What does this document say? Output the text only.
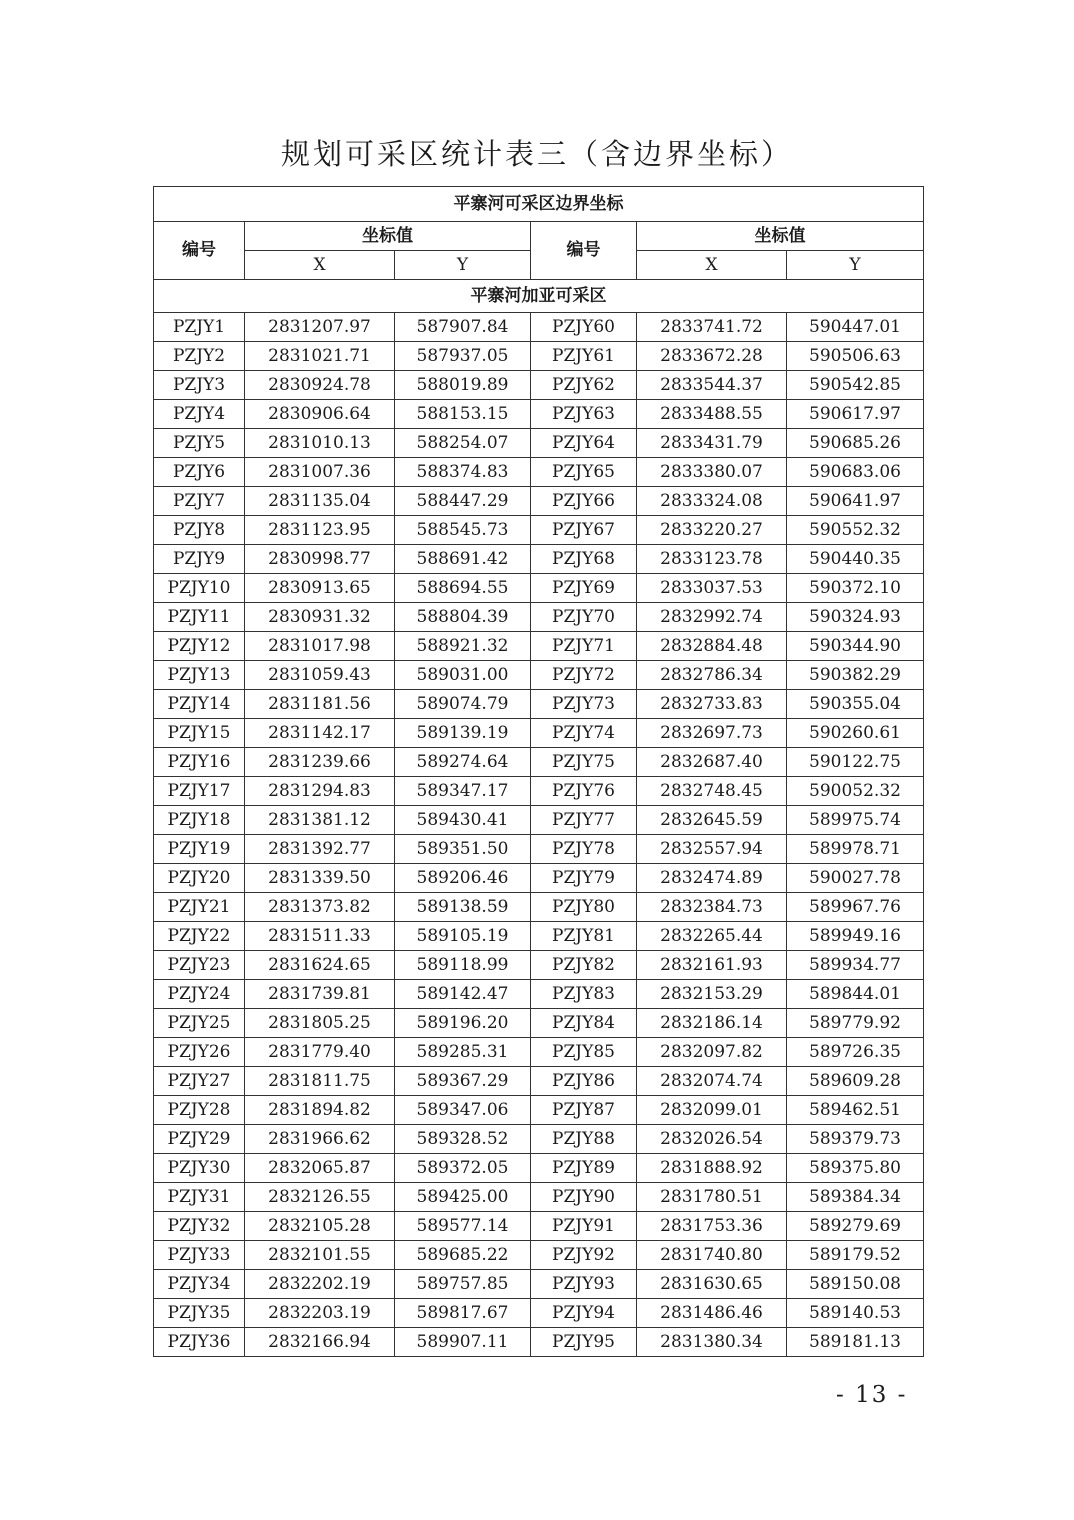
规划可采区统计表三（含边界坐标）
平寨河可采区边界坐标					
编号	坐标值		编号	坐标值	
	X	Y		X	Y
平寨河加亚可采区					
PZJY1	2831207.97	587907.84	PZJY60	2833741.72	590447.01
PZJY2	2831021.71	587937.05	PZJY61	2833672.28	590506.63
PZJY3	2830924.78	588019.89	PZJY62	2833544.37	590542.85
PZJY4	2830906.64	588153.15	PZJY63	2833488.55	590617.97
PZJY5	2831010.13	588254.07	PZJY64	2833431.79	590685.26
PZJY6	2831007.36	588374.83	PZJY65	2833380.07	590683.06
PZJY7	2831135.04	588447.29	PZJY66	2833324.08	590641.97
PZJY8	2831123.95	588545.73	PZJY67	2833220.27	590552.32
PZJY9	2830998.77	588691.42	PZJY68	2833123.78	590440.35
PZJY10	2830913.65	588694.55	PZJY69	2833037.53	590372.10
PZJY11	2830931.32	588804.39	PZJY70	2832992.74	590324.93
PZJY12	2831017.98	588921.32	PZJY71	2832884.48	590344.90
PZJY13	2831059.43	589031.00	PZJY72	2832786.34	590382.29
PZJY14	2831181.56	589074.79	PZJY73	2832733.83	590355.04
PZJY15	2831142.17	589139.19	PZJY74	2832697.73	590260.61
PZJY16	2831239.66	589274.64	PZJY75	2832687.40	590122.75
PZJY17	2831294.83	589347.17	PZJY76	2832748.45	590052.32
PZJY18	2831381.12	589430.41	PZJY77	2832645.59	589975.74
PZJY19	2831392.77	589351.50	PZJY78	2832557.94	589978.71
PZJY20	2831339.50	589206.46	PZJY79	2832474.89	590027.78
PZJY21	2831373.82	589138.59	PZJY80	2832384.73	589967.76
PZJY22	2831511.33	589105.19	PZJY81	2832265.44	589949.16
PZJY23	2831624.65	589118.99	PZJY82	2832161.93	589934.77
PZJY24	2831739.81	589142.47	PZJY83	2832153.29	589844.01
PZJY25	2831805.25	589196.20	PZJY84	2832186.14	589779.92
PZJY26	2831779.40	589285.31	PZJY85	2832097.82	589726.35
PZJY27	2831811.75	589367.29	PZJY86	2832074.74	589609.28
PZJY28	2831894.82	589347.06	PZJY87	2832099.01	589462.51
PZJY29	2831966.62	589328.52	PZJY88	2832026.54	589379.73
PZJY30	2832065.87	589372.05	PZJY89	2831888.92	589375.80
PZJY31	2832126.55	589425.00	PZJY90	2831780.51	589384.34
PZJY32	2832105.28	589577.14	PZJY91	2831753.36	589279.69
PZJY33	2832101.55	589685.22	PZJY92	2831740.80	589179.52
PZJY34	2832202.19	589757.85	PZJY93	2831630.65	589150.08
PZJY35	2832203.19	589817.67	PZJY94	2831486.46	589140.53
PZJY36	2832166.94	589907.11	PZJY95	2831380.34	589181.13
- 13 -
